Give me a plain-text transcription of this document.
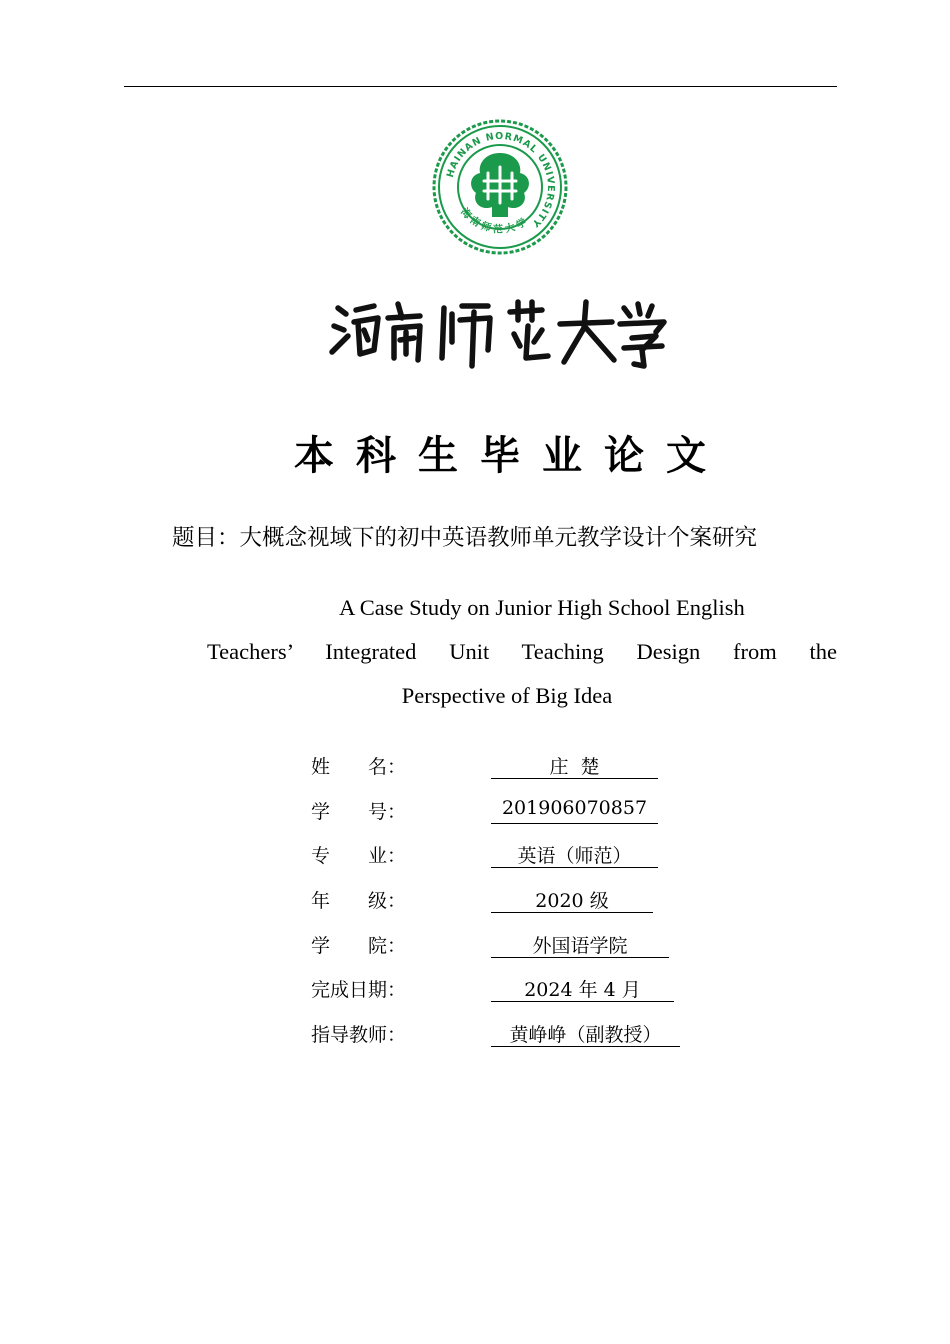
HAINAN NORMAL UNIVERSITY
海南师范大学
本科生毕业论文
题目：大概念视域下的初中英语教师单元教学设计个案研究
A Case Study on Junior High School English
Teachers’ Integrated Unit Teaching Design from the
Perspective of Big Idea
姓　　名：	庄  楚
学　　号：	201906070857
专　　业：	英语（师范）
年　　级：	2020 级
学　　院：	外国语学院
完成日期：	2024 年 4 月
指导教师：	黄峥峥（副教授）
